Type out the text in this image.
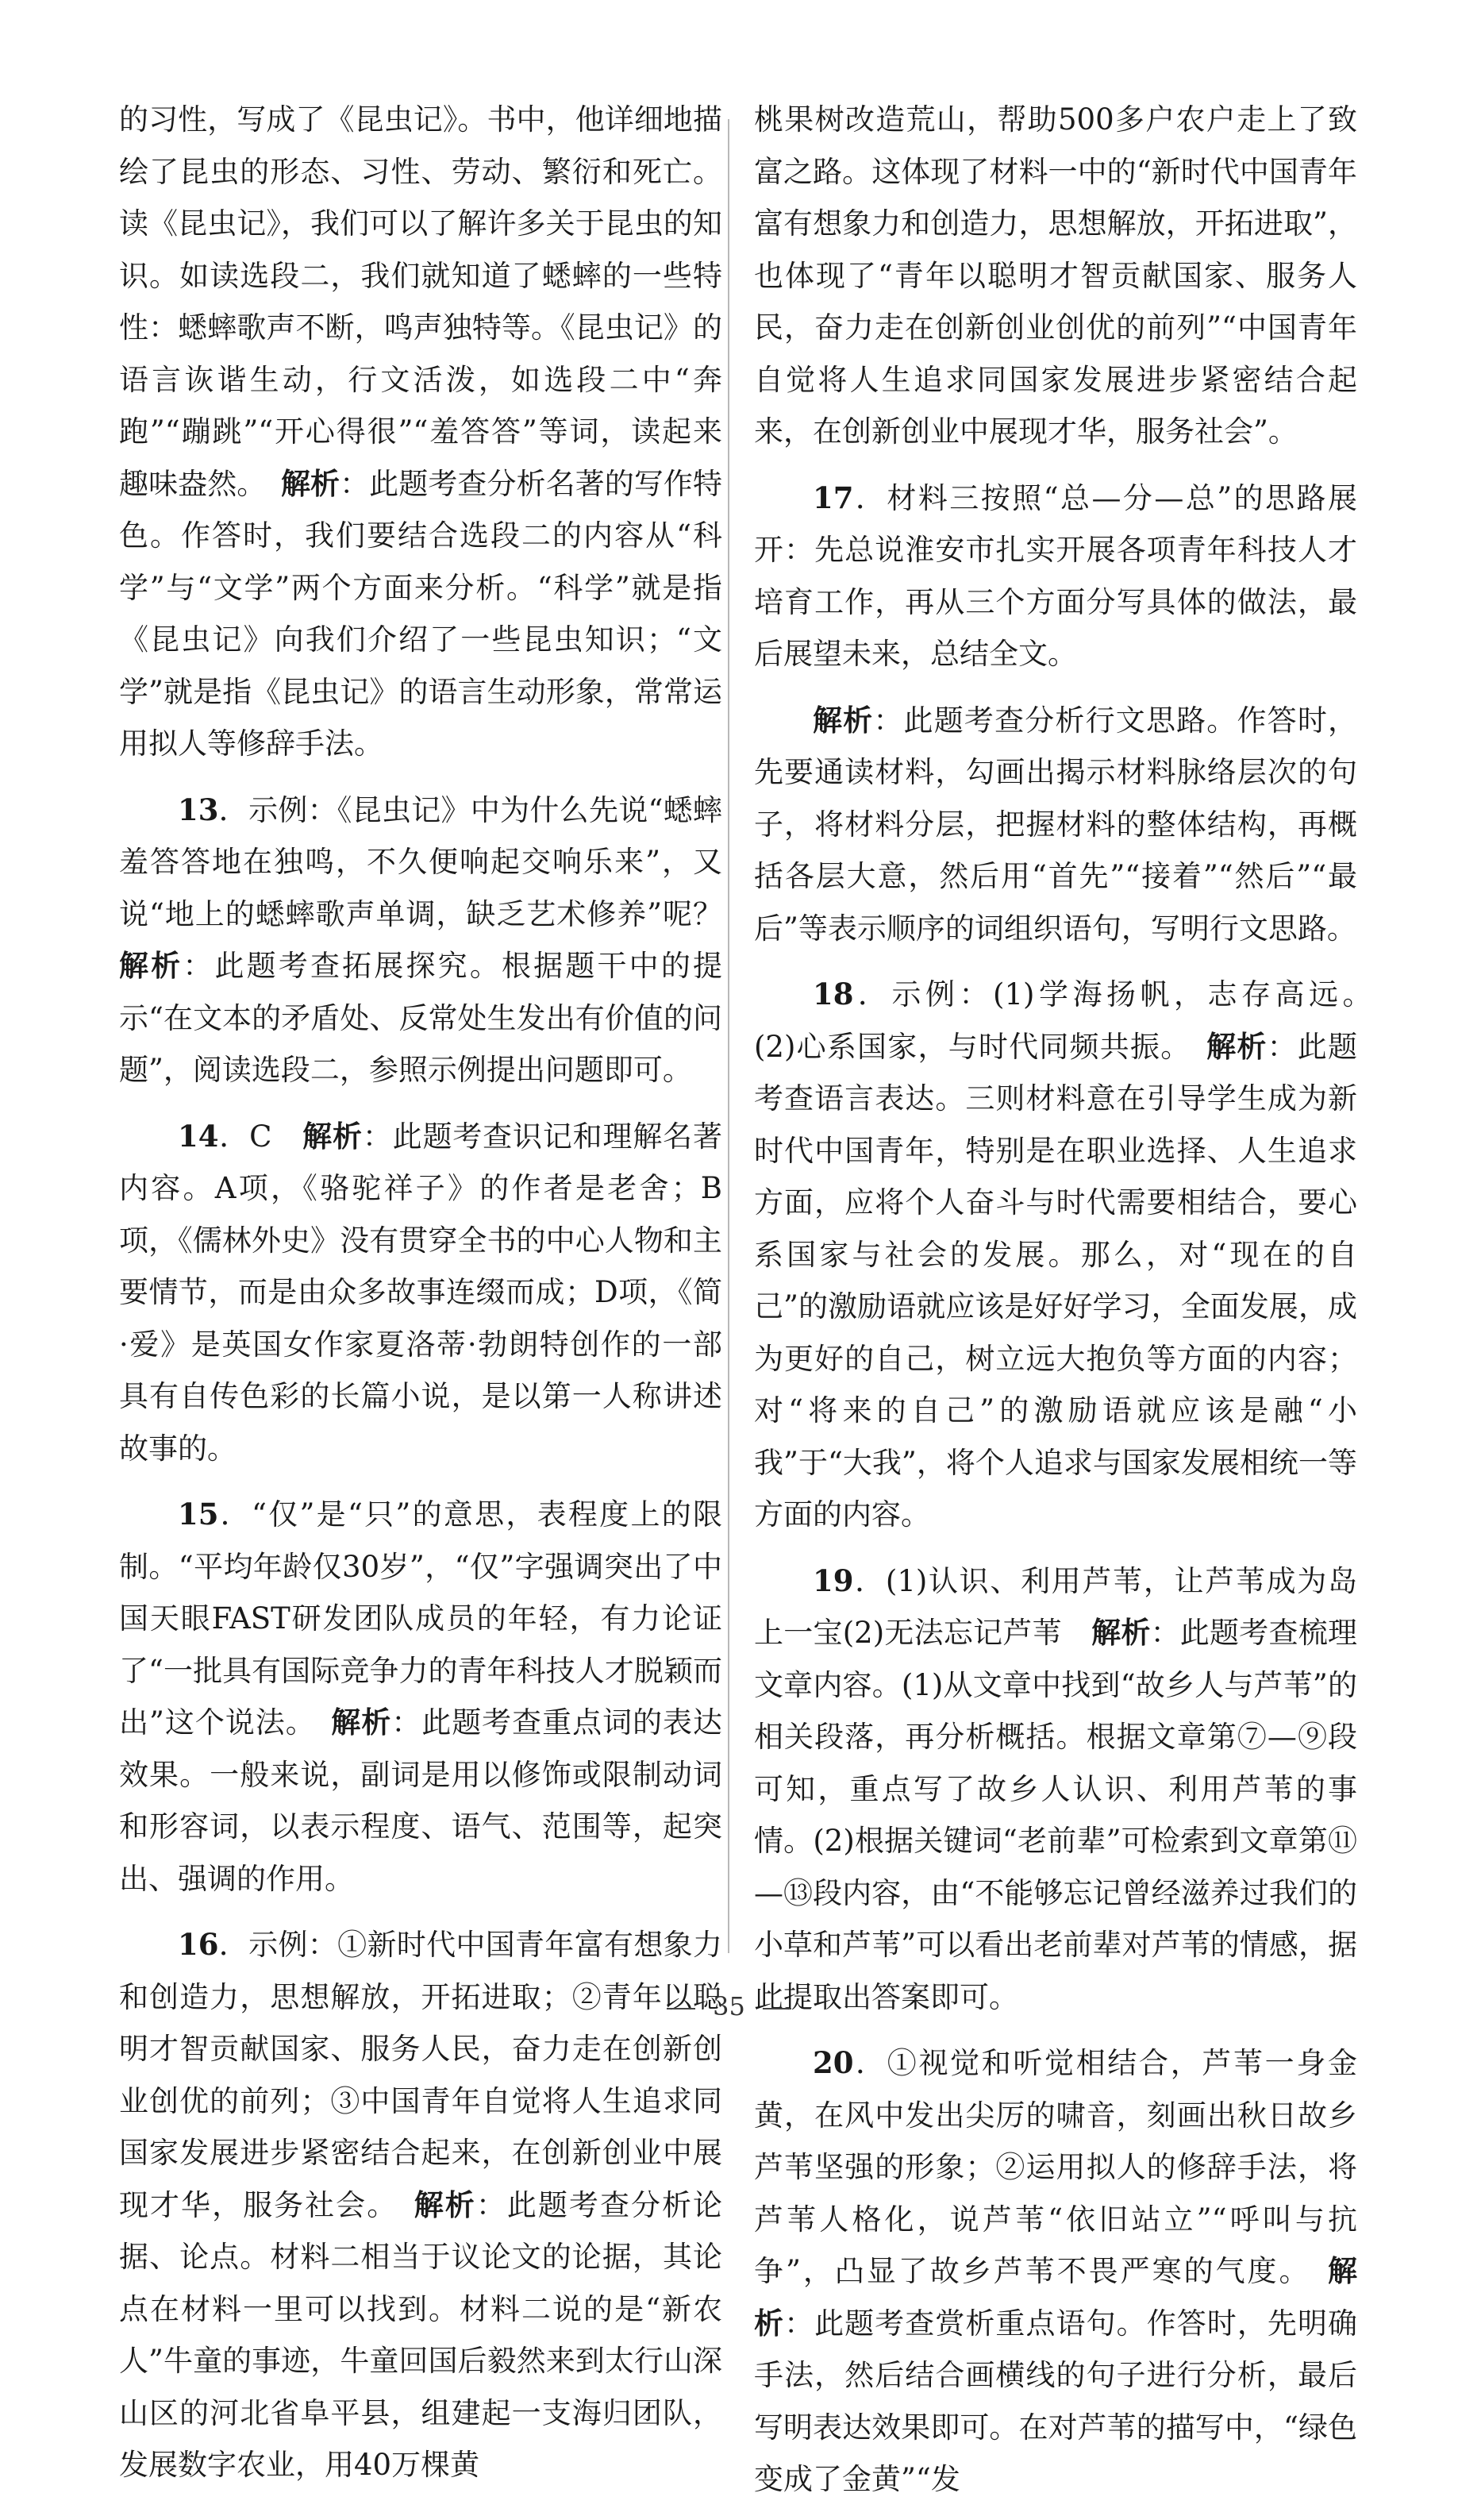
的习性，写成了《昆虫记》。书中，他详细地描绘了昆虫的形态、习性、劳动、繁衍和死亡。读《昆虫记》，我们可以了解许多关于昆虫的知识。如读选段二，我们就知道了蟋蟀的一些特性：蟋蟀歌声不断，鸣声独特等。《昆虫记》的语言诙谐生动，行文活泼，如选段二中“奔跑”“蹦跳”“开心得很”“羞答答”等词，读起来趣味盎然。　 解析：此题考查分析名著的写作特色。作答时，我们要结合选段二的内容从“科学”与“文学”两个方面来分析。“科学”就是指《昆虫记》向我们介绍了一些昆虫知识；“文学”就是指《昆虫记》的语言生动形象，常常运用拟人等修辞手法。

13．示例：《昆虫记》中为什么先说“蟋蟀羞答答地在独鸣，不久便响起交响乐来”，又说“地上的蟋蟀歌声单调，缺乏艺术修养”呢？　解析：此题考查拓展探究。根据题干中的提示“在文本的矛盾处、反常处生发出有价值的问题”，阅读选段二，参照示例提出问题即可。

14．C　 解析：此题考查识记和理解名著内容。A项，《骆驼祥子》的作者是老舍；B项，《儒林外史》没有贯穿全书的中心人物和主要情节，而是由众多故事连缀而成；D项，《简·爱》是英国女作家夏洛蒂·勃朗特创作的一部具有自传色彩的长篇小说，是以第一人称讲述故事的。

15．“仅”是“只”的意思，表程度上的限制。“平均年龄仅30岁”，“仅”字强调突出了中国天眼FAST研发团队成员的年轻，有力论证了“一批具有国际竞争力的青年科技人才脱颖而出”这个说法。　 解析：此题考查重点词的表达效果。一般来说，副词是用以修饰或限制动词和形容词，以表示程度、语气、范围等，起突出、强调的作用。

16．示例：①新时代中国青年富有想象力和创造力，思想解放，开拓进取；②青年以聪明才智贡献国家、服务人民，奋力走在创新创业创优的前列；③中国青年自觉将人生追求同国家发展进步紧密结合起来，在创新创业中展现才华，服务社会。　 解析：此题考查分析论据、论点。材料二相当于议论文的论据，其论点在材料一里可以找到。材料二说的是“新农人”牛童的事迹，牛童回国后毅然来到太行山深山区的河北省阜平县，组建起一支海归团队，发展数字农业，用40万棵黄

桃果树改造荒山，帮助500多户农户走上了致富之路。这体现了材料一中的“新时代中国青年富有想象力和创造力，思想解放，开拓进取”，也体现了“青年以聪明才智贡献国家、服务人民，奋力走在创新创业创优的前列”“中国青年自觉将人生追求同国家发展进步紧密结合起来，在创新创业中展现才华，服务社会”。

17．材料三按照“总—分—总”的思路展开：先总说淮安市扎实开展各项青年科技人才培育工作，再从三个方面分写具体的做法，最后展望未来，总结全文。

解析：此题考查分析行文思路。作答时，先要通读材料，勾画出揭示材料脉络层次的句子，将材料分层，把握材料的整体结构，再概括各层大意，然后用“首先”“接着”“然后”“最后”等表示顺序的词组织语句，写明行文思路。

18．示例：(1)学海扬帆，志存高远。　(2)心系国家，与时代同频共振。　 解析：此题考查语言表达。三则材料意在引导学生成为新时代中国青年，特别是在职业选择、人生追求方面，应将个人奋斗与时代需要相结合，要心系国家与社会的发展。那么，对“现在的自己”的激励语就应该是好好学习，全面发展，成为更好的自己，树立远大抱负等方面的内容；对“将来的自己”的激励语就应该是融“小我”于“大我”，将个人追求与国家发展相统一等方面的内容。

19．(1)认识、利用芦苇，让芦苇成为岛上一宝(2)无法忘记芦苇　 解析：此题考查梳理文章内容。(1)从文章中找到“故乡人与芦苇”的相关段落，再分析概括。根据文章第⑦—⑨段可知，重点写了故乡人认识、利用芦苇的事情。(2)根据关键词“老前辈”可检索到文章第⑪—⑬段内容，由“不能够忘记曾经滋养过我们的小草和芦苇”可以看出老前辈对芦苇的情感，据此提取出答案即可。

20．①视觉和听觉相结合，芦苇一身金黄，在风中发出尖厉的啸音，刻画出秋日故乡芦苇坚强的形象；②运用拟人的修辞手法，将芦苇人格化，说芦苇“依旧站立”“呼叫与抗争”，凸显了故乡芦苇不畏严寒的气度。　 解析：此题考查赏析重点语句。作答时，先明确手法，然后结合画横线的句子进行分析，最后写明表达效果即可。在对芦苇的描写中，“绿色变成了金黄”“发

35
